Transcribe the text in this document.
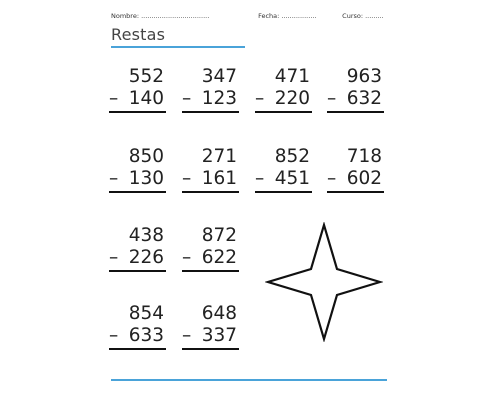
Nombre: .................................	Fecha: .................	Curso: .........
Restas
552
– 140
347
– 123
471
– 220
963
– 632
850
– 130
271
– 161
852
– 451
718
– 602
438
– 226
872
– 622
854
– 633
648
– 337
